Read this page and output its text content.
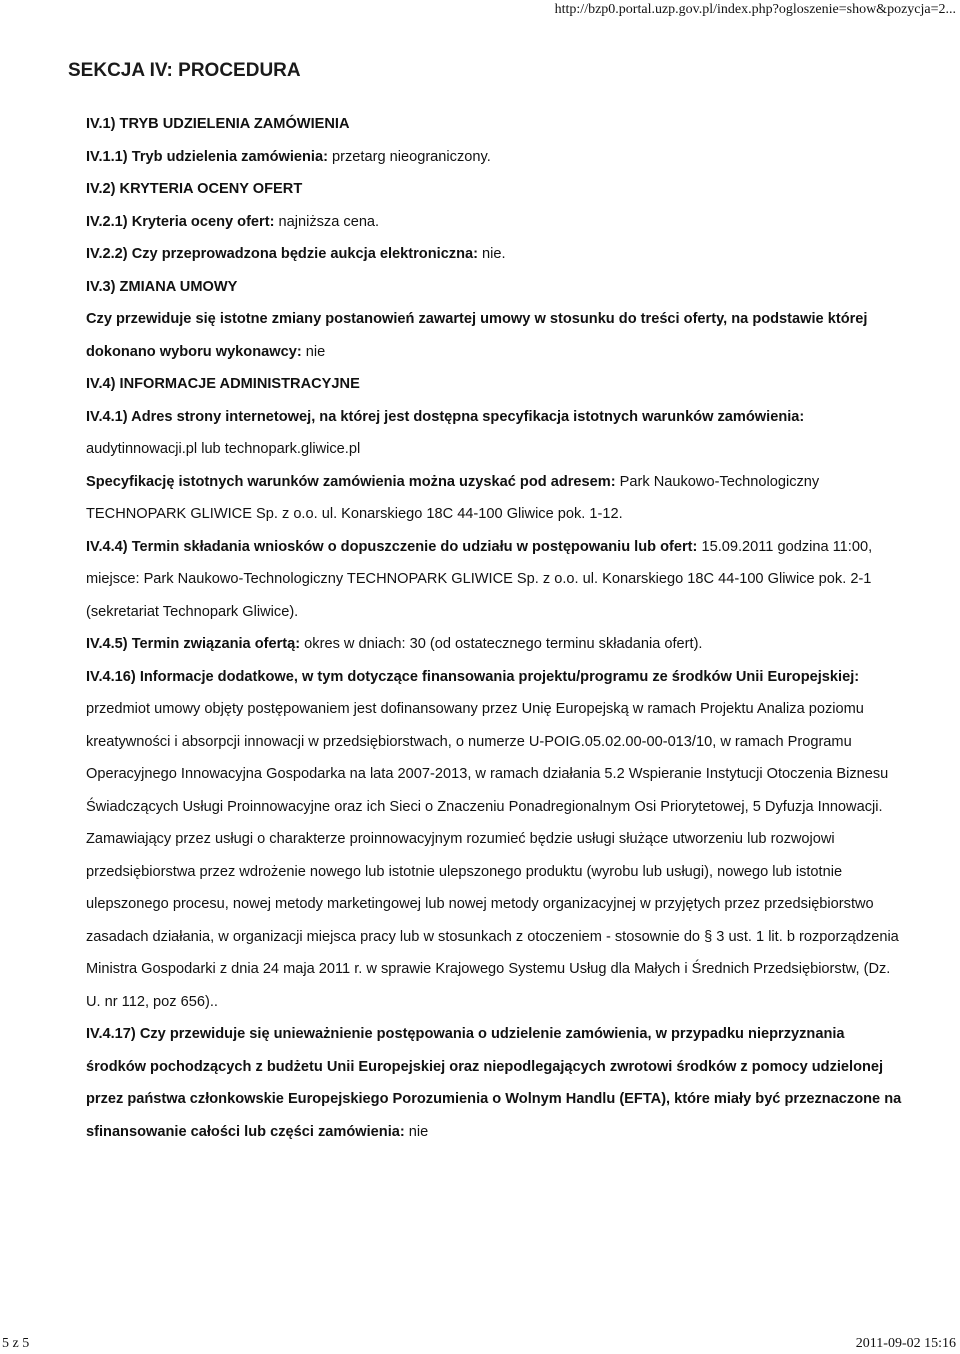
http://bzp0.portal.uzp.gov.pl/index.php?ogloszenie=show&pozycja=2...
SEKCJA IV: PROCEDURA

IV.1) TRYB UDZIELENIA ZAMÓWIENIA

IV.1.1) Tryb udzielenia zamówienia: przetarg nieograniczony.

IV.2) KRYTERIA OCENY OFERT

IV.2.1) Kryteria oceny ofert: najniższa cena.

IV.2.2) Czy przeprowadzona będzie aukcja elektroniczna: nie.

IV.3) ZMIANA UMOWY

Czy przewiduje się istotne zmiany postanowień zawartej umowy w stosunku do treści oferty, na podstawie której dokonano wyboru wykonawcy: nie

IV.4) INFORMACJE ADMINISTRACYJNE

IV.4.1) Adres strony internetowej, na której jest dostępna specyfikacja istotnych warunków zamówienia: audytinnowacji.pl lub technopark.gliwice.pl

Specyfikację istotnych warunków zamówienia można uzyskać pod adresem: Park Naukowo-Technologiczny TECHNOPARK GLIWICE Sp. z o.o. ul. Konarskiego 18C 44-100 Gliwice pok. 1-12.

IV.4.4) Termin składania wniosków o dopuszczenie do udziału w postępowaniu lub ofert: 15.09.2011 godzina 11:00, miejsce: Park Naukowo-Technologiczny TECHNOPARK GLIWICE Sp. z o.o. ul. Konarskiego 18C 44-100 Gliwice pok. 2-1 (sekretariat Technopark Gliwice).

IV.4.5) Termin związania ofertą: okres w dniach: 30 (od ostatecznego terminu składania ofert).

IV.4.16) Informacje dodatkowe, w tym dotyczące finansowania projektu/programu ze środków Unii Europejskiej: przedmiot umowy objęty postępowaniem jest dofinansowany przez Unię Europejską w ramach Projektu Analiza poziomu kreatywności i absorpcji innowacji w przedsiębiorstwach, o numerze U-POIG.05.02.00-00-013/10, w ramach Programu Operacyjnego Innowacyjna Gospodarka na lata 2007-2013, w ramach działania 5.2 Wspieranie Instytucji Otoczenia Biznesu Świadczących Usługi Proinnowacyjne oraz ich Sieci o Znaczeniu Ponadregionalnym Osi Priorytetowej, 5 Dyfuzja Innowacji. Zamawiający przez usługi o charakterze proinnowacyjnym rozumieć będzie usługi służące utworzeniu lub rozwojowi przedsiębiorstwa przez wdrożenie nowego lub istotnie ulepszonego produktu (wyrobu lub usługi), nowego lub istotnie ulepszonego procesu, nowej metody marketingowej lub nowej metody organizacyjnej w przyjętych przez przedsiębiorstwo zasadach działania, w organizacji miejsca pracy lub w stosunkach z otoczeniem - stosownie do § 3 ust. 1 lit. b rozporządzenia Ministra Gospodarki z dnia 24 maja 2011 r. w sprawie Krajowego Systemu Usług dla Małych i Średnich Przedsiębiorstw, (Dz. U. nr 112, poz 656)..

IV.4.17) Czy przewiduje się unieważnienie postępowania o udzielenie zamówienia, w przypadku nieprzyznania środków pochodzących z budżetu Unii Europejskiej oraz niepodlegających zwrotowi środków z pomocy udzielonej przez państwa członkowskie Europejskiego Porozumienia o Wolnym Handlu (EFTA), które miały być przeznaczone na sfinansowanie całości lub części zamówienia: nie

5 z 5	2011-09-02 15:16
